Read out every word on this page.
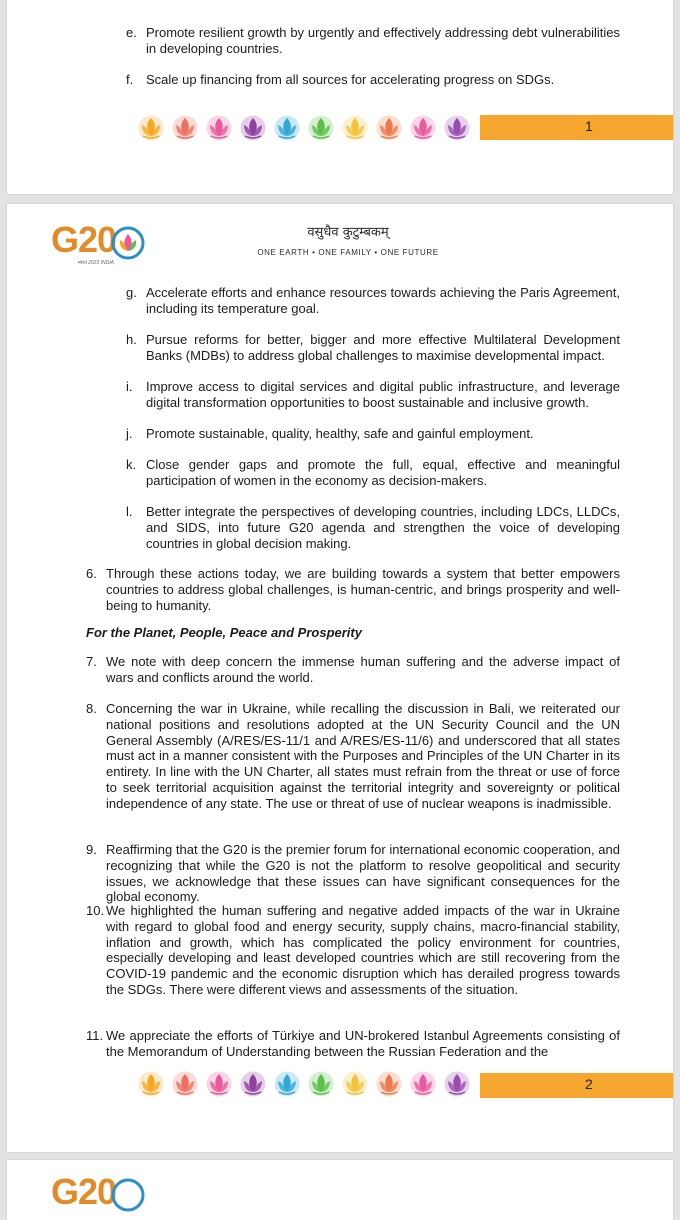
e. Promote resilient growth by urgently and effectively addressing debt vulnerabilities in developing countries.
f. Scale up financing from all sources for accelerating progress on SDGs.
1
G20
भारत 2023 INDIA
वसुधैव कुटुम्बकम्
ONE EARTH • ONE FAMILY • ONE FUTURE
g. Accelerate efforts and enhance resources towards achieving the Paris Agreement, including its temperature goal.
h. Pursue reforms for better, bigger and more effective Multilateral Development Banks (MDBs) to address global challenges to maximise developmental impact.
i. Improve access to digital services and digital public infrastructure, and leverage digital transformation opportunities to boost sustainable and inclusive growth.
j. Promote sustainable, quality, healthy, safe and gainful employment.
k. Close gender gaps and promote the full, equal, effective and meaningful participation of women in the economy as decision-makers.
l. Better integrate the perspectives of developing countries, including LDCs, LLDCs, and SIDS, into future G20 agenda and strengthen the voice of developing countries in global decision making.
6. Through these actions today, we are building towards a system that better empowers countries to address global challenges, is human-centric, and brings prosperity and well-being to humanity.
For the Planet, People, Peace and Prosperity
7. We note with deep concern the immense human suffering and the adverse impact of wars and conflicts around the world.
8. Concerning the war in Ukraine, while recalling the discussion in Bali, we reiterated our national positions and resolutions adopted at the UN Security Council and the UN General Assembly (A/RES/ES-11/1 and A/RES/ES-11/6) and underscored that all states must act in a manner consistent with the Purposes and Principles of the UN Charter in its entirety. In line with the UN Charter, all states must refrain from the threat or use of force to seek territorial acquisition against the territorial integrity and sovereignty or political independence of any state. The use or threat of use of nuclear weapons is inadmissible.
9. Reaffirming that the G20 is the premier forum for international economic cooperation, and recognizing that while the G20 is not the platform to resolve geopolitical and security issues, we acknowledge that these issues can have significant consequences for the global economy.
10. We highlighted the human suffering and negative added impacts of the war in Ukraine with regard to global food and energy security, supply chains, macro-financial stability, inflation and growth, which has complicated the policy environment for countries, especially developing and least developed countries which are still recovering from the COVID-19 pandemic and the economic disruption which has derailed progress towards the SDGs. There were different views and assessments of the situation.
11. We appreciate the efforts of Türkiye and UN-brokered Istanbul Agreements consisting of the Memorandum of Understanding between the Russian Federation and the
2
G20
